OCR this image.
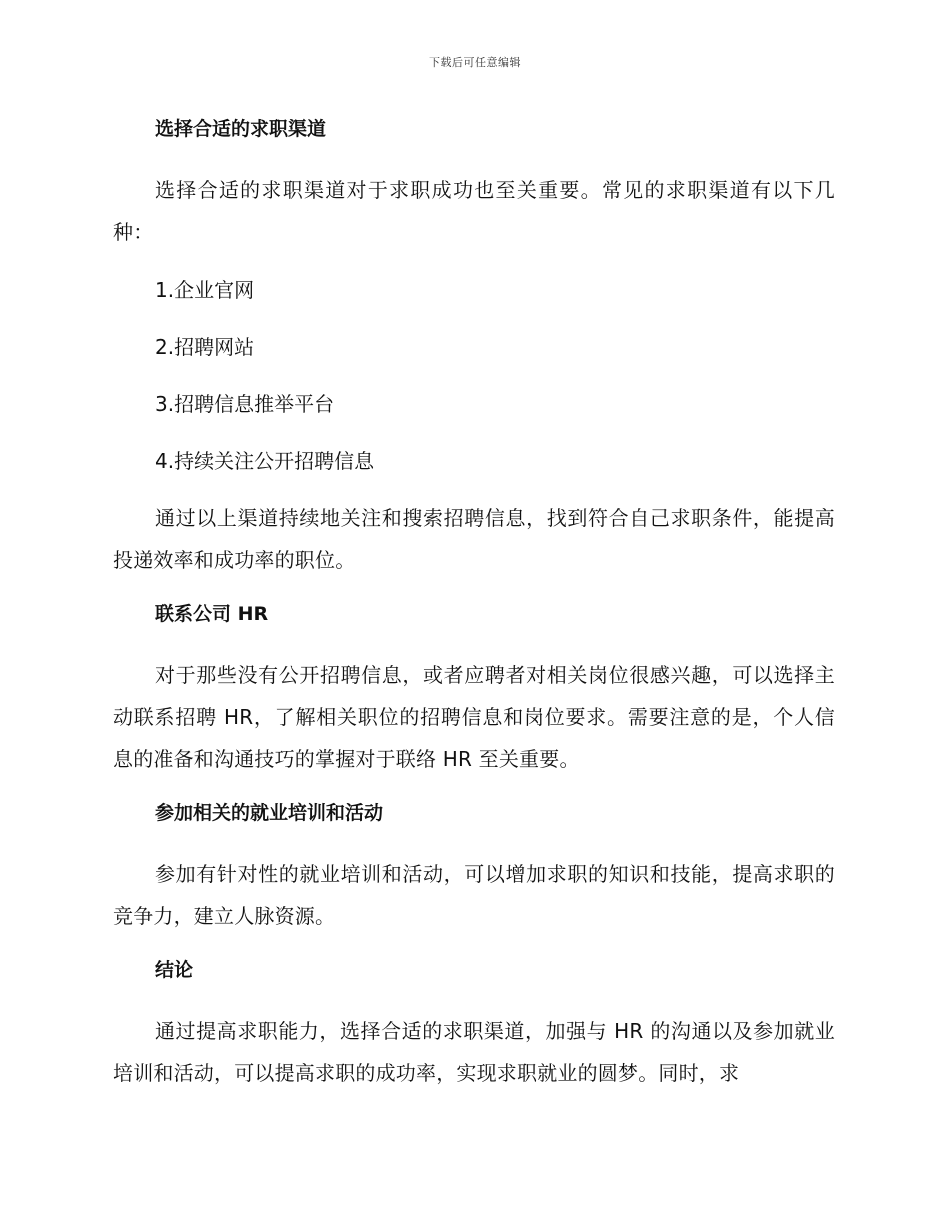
下载后可任意编辑
选择合适的求职渠道

选择合适的求职渠道对于求职成功也至关重要。常见的求职渠道有以下几种：

1.企业官网
2.招聘网站
3.招聘信息推举平台
4.持续关注公开招聘信息

通过以上渠道持续地关注和搜索招聘信息，找到符合自己求职条件，能提高投递效率和成功率的职位。

联系公司 HR

对于那些没有公开招聘信息，或者应聘者对相关岗位很感兴趣，可以选择主动联系招聘 HR，了解相关职位的招聘信息和岗位要求。需要注意的是，个人信息的准备和沟通技巧的掌握对于联络 HR 至关重要。

参加相关的就业培训和活动

参加有针对性的就业培训和活动，可以增加求职的知识和技能，提高求职的竞争力，建立人脉资源。

结论

通过提高求职能力，选择合适的求职渠道，加强与 HR 的沟通以及参加就业培训和活动，可以提高求职的成功率，实现求职就业的圆梦。同时，求
